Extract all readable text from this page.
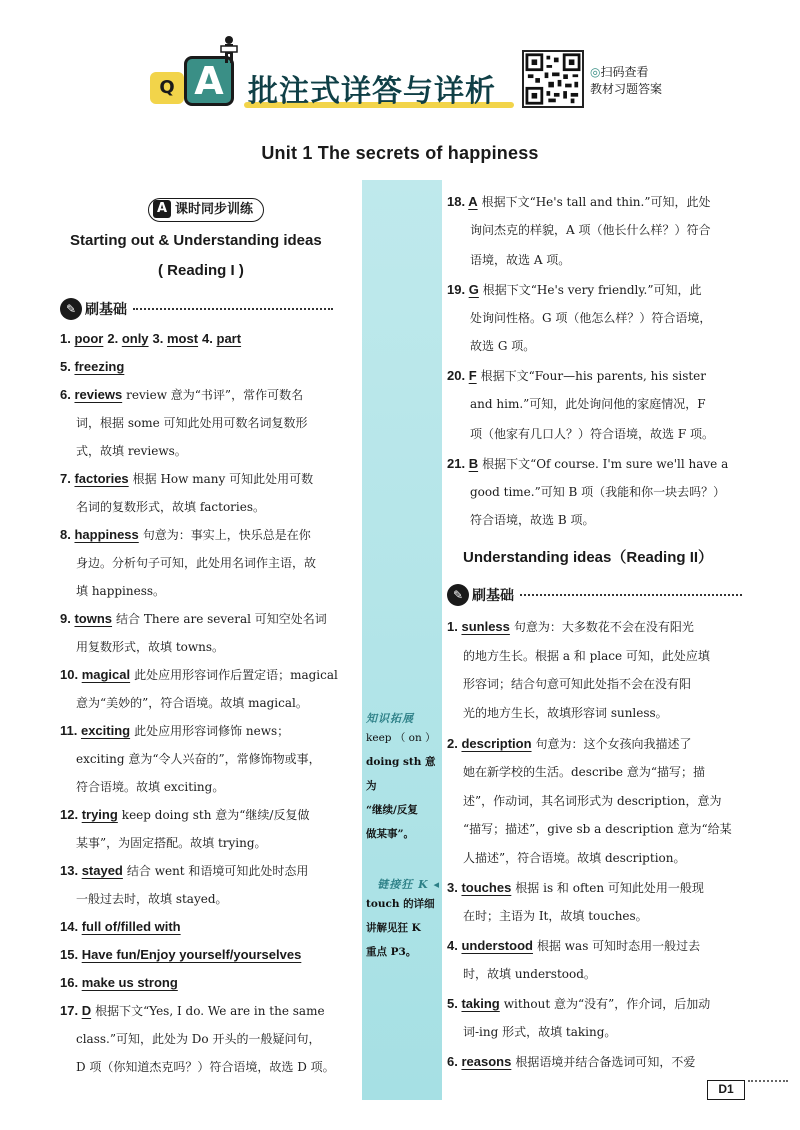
Q A 批注式详答与详析
◎扫码查看
教材习题答案
Unit 1 The secrets of happiness
知识拓展
keep （ on ）
doing sth 意为
“继续/反复
做某事”。
链接狂 K ◂
touch 的详细
讲解见狂 K
重点 P3。
A 课时同步训练
Starting out & Understanding ideas
( Reading I )
✎ 刷基础
1. poor 2. only 3. most 4. part
5. freezing
6. reviews review 意为“书评”，常作可数名
词，根据 some 可知此处用可数名词复数形
式，故填 reviews。
7. factories 根据 How many 可知此处用可数
名词的复数形式，故填 factories。
8. happiness 句意为：事实上，快乐总是在你
身边。分析句子可知，此处用名词作主语，故
填 happiness。
9. towns 结合 There are several 可知空处名词
用复数形式，故填 towns。
10. magical 此处应用形容词作后置定语；magical
意为“美妙的”，符合语境。故填 magical。
11. exciting 此处应用形容词修饰 news；
exciting 意为“令人兴奋的”，常修饰物或事，
符合语境。故填 exciting。
12. trying keep doing sth 意为“继续/反复做
某事”，为固定搭配。故填 trying。
13. stayed 结合 went 和语境可知此处时态用
一般过去时，故填 stayed。
14. full of/filled with
15. Have fun/Enjoy yourself/yourselves
16. make us strong
17. D 根据下文“Yes, I do. We are in the same
class.”可知，此处为 Do 开头的一般疑问句，
D 项（你知道杰克吗？）符合语境，故选 D 项。
18. A 根据下文“He's tall and thin.”可知，此处
询问杰克的样貌，A 项（他长什么样？）符合
语境，故选 A 项。
19. G 根据下文“He's very friendly.”可知，此
处询问性格。G 项（他怎么样？）符合语境，
故选 G 项。
20. F 根据下文“Four—his parents, his sister
and him.”可知，此处询问他的家庭情况，F
项（他家有几口人？）符合语境，故选 F 项。
21. B 根据下文“Of course. I'm sure we'll have a
good time.”可知 B 项（我能和你一块去吗？）
符合语境，故选 B 项。
Understanding ideas（Reading II）
✎ 刷基础
1. sunless 句意为：大多数花不会在没有阳光
的地方生长。根据 a 和 place 可知，此处应填
形容词；结合句意可知此处指不会在没有阳
光的地方生长，故填形容词 sunless。
2. description 句意为：这个女孩向我描述了
她在新学校的生活。describe 意为“描写；描
述”，作动词，其名词形式为 description，意为
“描写；描述”，give sb a description 意为“给某
人描述”，符合语境。故填 description。
3. touches 根据 is 和 often 可知此处用一般现
在时；主语为 It，故填 touches。
4. understood 根据 was 可知时态用一般过去
时，故填 understood。
5. taking without 意为“没有”，作介词，后加动
词-ing 形式，故填 taking。
6. reasons 根据语境并结合备选词可知，不爱
D1
